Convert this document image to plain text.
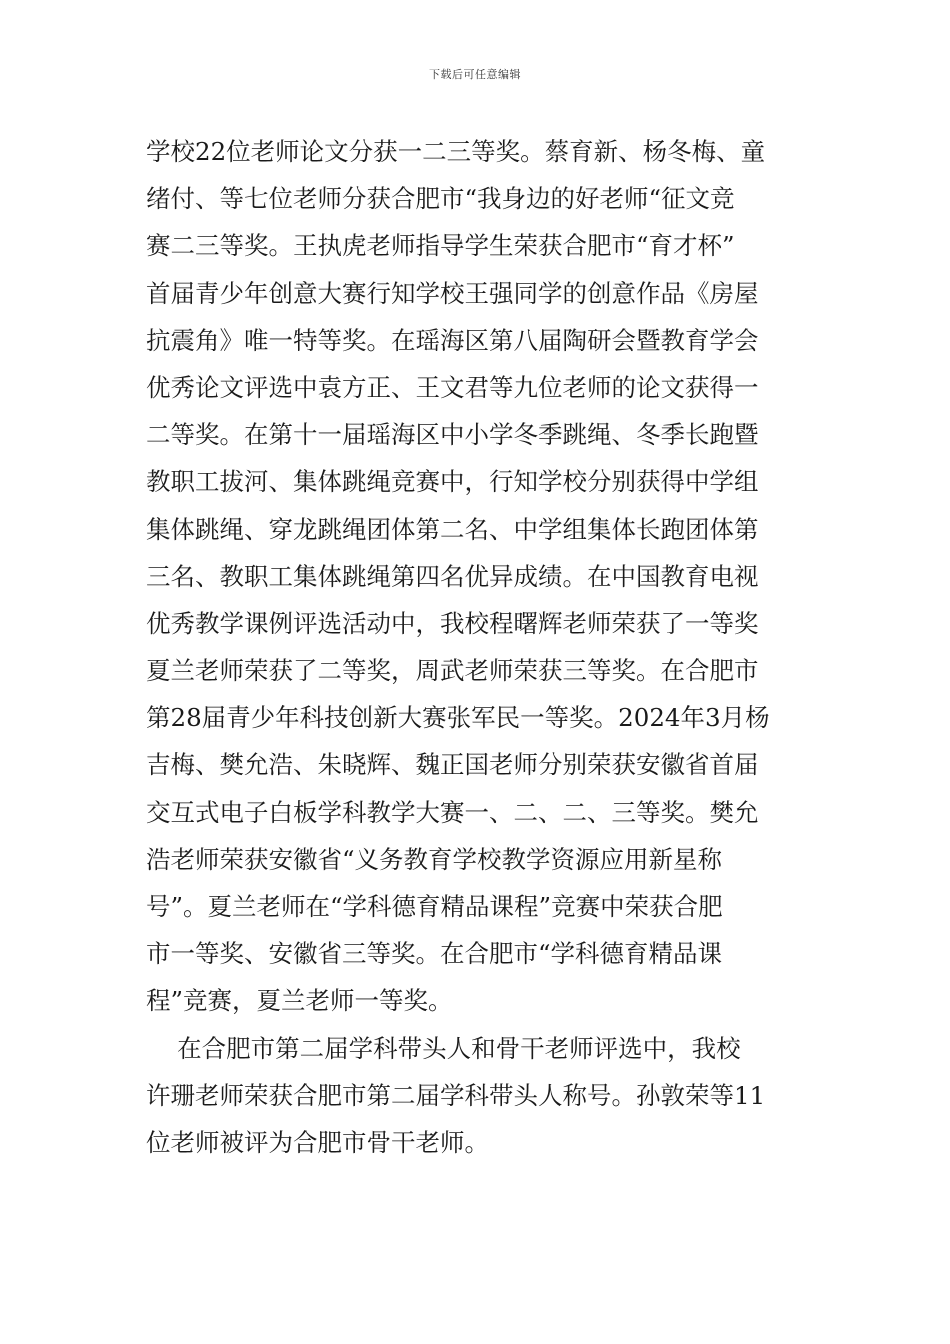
下载后可任意编辑
学校22位老师论文分获一二三等奖。蔡育新、杨冬梅、童
绪付、等七位老师分获合肥市“我身边的好老师“征文竞
赛二三等奖。王执虎老师指导学生荣获合肥市“育才杯”
首届青少年创意大赛行知学校王强同学的创意作品《房屋
抗震角》唯一特等奖。在瑶海区第八届陶研会暨教育学会
优秀论文评选中袁方正、王文君等九位老师的论文获得一
二等奖。在第十一届瑶海区中小学冬季跳绳、冬季长跑暨
教职工拔河、集体跳绳竞赛中，行知学校分别获得中学组
集体跳绳、穿龙跳绳团体第二名、中学组集体长跑团体第
三名、教职工集体跳绳第四名优异成绩。在中国教育电视
优秀教学课例评选活动中，我校程曙辉老师荣获了一等奖
夏兰老师荣获了二等奖，周武老师荣获三等奖。在合肥市
第28届青少年科技创新大赛张军民一等奖。2024年3月杨
吉梅、樊允浩、朱晓辉、魏正国老师分别荣获安徽省首届
交互式电子白板学科教学大赛一、二、二、三等奖。樊允
浩老师荣获安徽省“义务教育学校教学资源应用新星称
号”。夏兰老师在“学科德育精品课程”竞赛中荣获合肥
市一等奖、安徽省三等奖。在合肥市“学科德育精品课
程”竞赛，夏兰老师一等奖。
在合肥市第二届学科带头人和骨干老师评选中，我校
许珊老师荣获合肥市第二届学科带头人称号。孙敦荣等11
位老师被评为合肥市骨干老师。
